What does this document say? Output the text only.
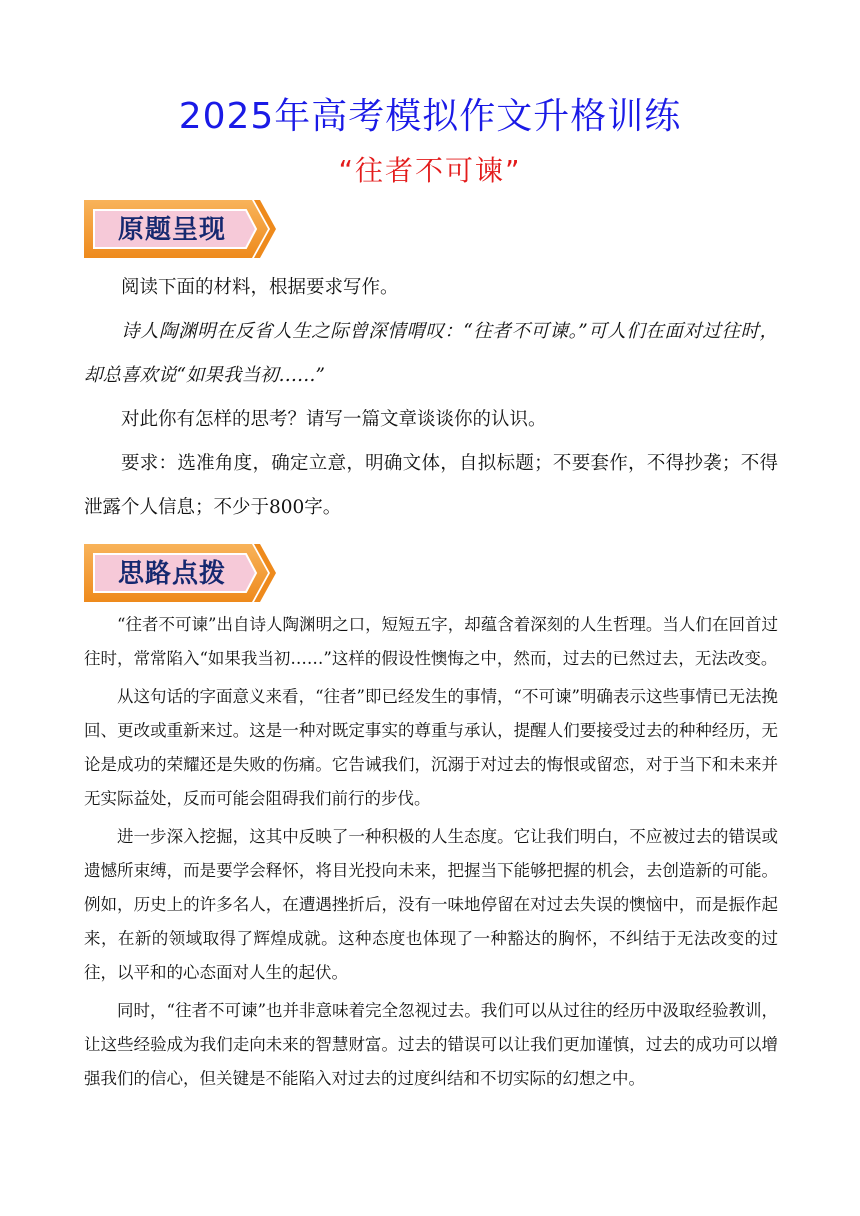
2025年高考模拟作文升格训练
“往者不可谏”
原题呈现

阅读下面的材料，根据要求写作。

诗人陶渊明在反省人生之际曾深情喟叹：“往者不可谏。”可人们在面对过往时，却总喜欢说“如果我当初……”

对此你有怎样的思考？请写一篇文章谈谈你的认识。

要求：选准角度，确定立意，明确文体，自拟标题；不要套作，不得抄袭；不得泄露个人信息；不少于800字。

思路点拨

“往者不可谏”出自诗人陶渊明之口，短短五字，却蕴含着深刻的人生哲理。当人们在回首过往时，常常陷入“如果我当初……”这样的假设性懊悔之中，然而，过去的已然过去，无法改变。

从这句话的字面意义来看，“往者”即已经发生的事情，“不可谏”明确表示这些事情已无法挽回、更改或重新来过。这是一种对既定事实的尊重与承认，提醒人们要接受过去的种种经历，无论是成功的荣耀还是失败的伤痛。它告诫我们，沉溺于对过去的悔恨或留恋，对于当下和未来并无实际益处，反而可能会阻碍我们前行的步伐。

进一步深入挖掘，这其中反映了一种积极的人生态度。它让我们明白，不应被过去的错误或遗憾所束缚，而是要学会释怀，将目光投向未来，把握当下能够把握的机会，去创造新的可能。例如，历史上的许多名人，在遭遇挫折后，没有一味地停留在对过去失误的懊恼中，而是振作起来，在新的领域取得了辉煌成就。这种态度也体现了一种豁达的胸怀，不纠结于无法改变的过往，以平和的心态面对人生的起伏。

同时，“往者不可谏”也并非意味着完全忽视过去。我们可以从过往的经历中汲取经验教训，让这些经验成为我们走向未来的智慧财富。过去的错误可以让我们更加谨慎，过去的成功可以增强我们的信心，但关键是不能陷入对过去的过度纠结和不切实际的幻想之中。
